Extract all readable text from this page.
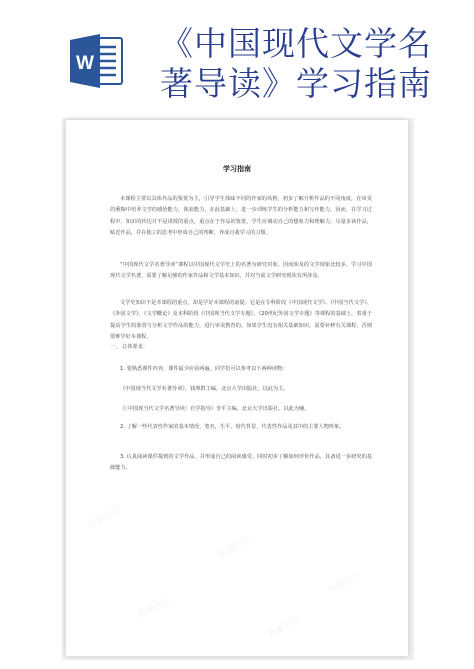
W
《中国现代文学名
著导读》学习指南
学习指南
本课程主要以具体作品的鉴赏为主，引导学生体味不同的作家的风格，初步了解分析作品的不同角度，在审美的熏陶中培养文学的感悟能力，体验能力，在此基础上，进一步训练学生的分析能力和写作能力。因而，在学习过程中，知识的传达并不是讲授的重点，重点在于作品的鉴赏，学生应调动自己的想象力和理解力，尽量多读作品，贴近作品，并在独立的思考中形成自己的判断，养成自我学习的习惯。
“中国现代文学名著导读”课程以中国现代文学史上的名著为研究对象，因而涉及的文学现象比较多。学习中国现代文学名著，需要了解足够的作家作品和文学基本知识，并对当前文学研究现状有所涉及。
文学史知识不是本课程的重点，却是学好本课程的前提；它是在专科阶段《中国现代文学》、《中国当代文学》、《外国文学》、《文学概论》及本科阶段《中国现当代文学专题》、《20世纪外国文学专题》等课程的基础上，着重于提高学生的鉴赏与分析文学作品的能力，进行审美教育的。如果学生没有相关基础知识，需要补修有关课程，否则很难学好本课程。
一、 总体要求：
1. 要熟悉课件内容，课件最少应看两遍。同学们可以参考以下两种读物：
《中国现当代文学名著导读》，钱理群主编，北京大学出版社。以此为主。
《〈中国现当代文学名著导读〉自学指导》李平主编，北京大学出版社。以此为辅。
2. 了解一些代表性作家的基本情况，笔名，生平，时代背景，代表性作品及其中的主要人物形象。
3. 认真阅读课件提到的文学作品，并形成自己的阅读感受。同时初步了解如何评价作品，具备进一步研究的基础能力。
熊猫办公
熊猫办公
熊猫办公
熊猫办公
熊猫办公
